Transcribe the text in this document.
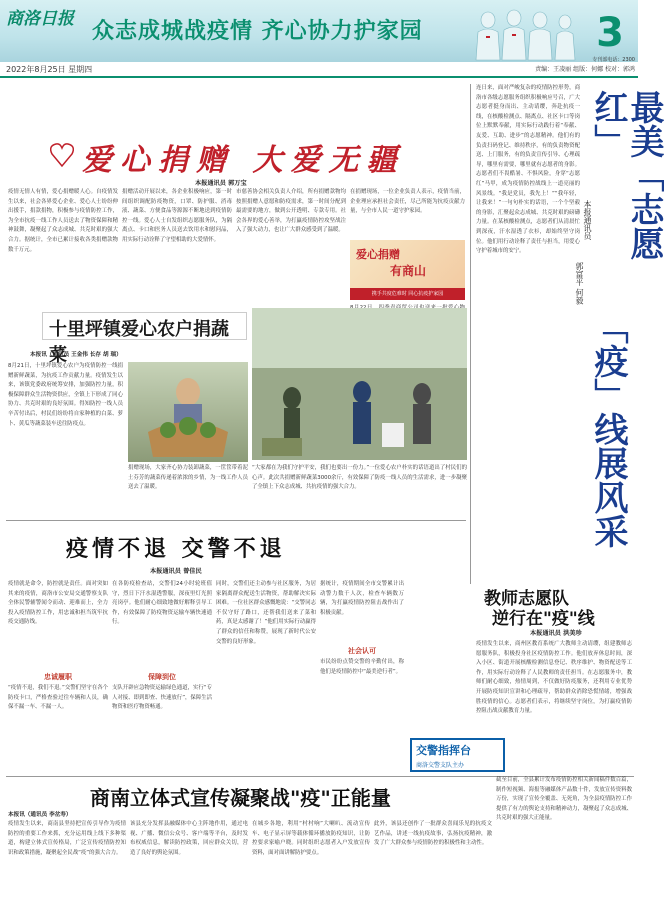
商洛日报 众志成城战疫情 齐心协力护家园	3
2022年8月25日 星期四
专刊部电话：2300
责编：王凌丽 组版：何娜 校对：郭鸿
爱心捐赠 大爱无疆
本报通讯员 郭万宝
疫情无情人有情，爱心捐赠暖人心。自疫情发生以来，社会各界爱心企业、爱心人士纷纷伸出援手，捐款捐物，积极参与疫情防控工作，为全市抗疫一线工作人员送去了物资保障和精神鼓舞，凝聚起了众志成城、共克时艰的强大合力。据统计，全市已累计接收各类捐赠款物数千万元。
捐赠活动开展以来，各企业积极响应，第一时间组织调配防疫物资，口罩、防护服、消毒液、蔬菜、方便食品等源源不断地送到疫情防控一线。爱心人士自发组织志愿服务队，为隔离点、卡口和医务人员送去饮用水和慰问品，用实际行动诠释了守望相助的大爱情怀。
市慈善协会相关负责人介绍，所有捐赠款物均按照捐赠人意愿和防疫需求，第一时间分配到最需要的地方，做到公开透明、专款专用。社会各界的爱心善举，为打赢疫情防控攻坚战注入了强大动力，也让广大群众感受到了温暖。
在捐赠现场，一位企业负责人表示，疫情当前，企业理应承担社会责任，尽己所能为抗疫贡献力量，与全市人民一道守护家园。
爱心捐赠
有商山
携手共度危难时 同心抗疫护家园
十里坪镇爱心农户捐蔬菜
本报讯（通讯员 王金伟 长存 胡 瑞）
8月21日，十里坪镇爱心农户为疫情防控一线捐赠新鲜蔬菜，为抗疫工作贡献力量。疫情发生以来，该镇党委政府统筹安排，加强防控力量，积极保障群众生活物资供应，全镇上下形成了同心协力、共克时艰的良好氛围。得知防控一线人员辛苦付出后，村民们纷纷将自家种植的白菜、萝卜、黄瓜等蔬菜装车送往防疫点。
捐赠现场，大家齐心协力装卸蔬菜，一筐筐带着泥土芬芳的蔬菜传递着浓浓的乡情，为一线工作人员送去了温暖。
“大家都在为我们守护平安，我们也要出一份力。”一位爱心农户朴实的话语道出了村民们的心声。此次共捐赠新鲜蔬菜3000余斤，有效保障了防疫一线人员的生活需求，进一步凝聚了全镇上下众志成城、共抗疫情的强大合力。
连日来，面对严峻复杂的疫情防控形势，商洛市各级志愿服务组织积极响应号召，广大志愿者挺身而出、主动请缨，奔赴抗疫一线，在核酸检测点、隔离点、社区卡口等岗位上默默奉献，用实际行动践行着“奉献、友爱、互助、进步”的志愿精神。他们有的负责扫码登记、维持秩序，有的负责物资配送、上门服务，有的负责宣传引导、心理疏导，哪里有需要，哪里就有志愿者的身影。志愿者们不畏酷暑、不惧风险，身穿“志愿红”马甲，成为疫情防控战线上一道亮丽的风景线。“我是党员，我先上！”“我年轻，让我来！”一句句朴实的话语，一个个坚毅的身影，汇聚起众志成城、共克时艰的磅礴力量。在某核酸检测点，志愿者们从清晨忙到深夜，汗水湿透了衣衫，却始终坚守岗位。他们用行动诠释了责任与担当，用爱心守护着城市的安宁。	最美「志愿红」
本报通讯员
郭富平 何毅
「疫」线展风采
疫情不退 交警不退
本报通讯员 曾佳民
疫情就是命令，防控就是责任。面对突如其来的疫情，商洛市公安局交通警察支队全体民警辅警闻令而动、迎难而上，全力投入疫情防控工作，用忠诚和担当筑牢抗疫交通防线。
忠诚履职
“疫情不退，我们不退。”交警们坚守在各个防疫卡口，严格查验过往车辆和人员，确保不漏一车、不漏一人。
在各防疫检查站，交警们24小时轮班值守，烈日下汗水湿透警服，深夜里灯光照亮岗亭。他们耐心细致地做好解释引导工作，有效保障了防疫物资运输车辆快速通行。
保障到位
支队开辟应急物资运输绿色通道，实行“专人对接、即到即查、快速放行”，保障生活物资和医疗物资畅通。
同时，交警们还主动参与社区服务，为居家隔离群众配送生活物资，帮助解决实际困难。一位社区群众感慨地说：“交警同志不仅守好了路口，还帮我们送来了菜和药，真是太感谢了！”他们用实际行动赢得了群众的信任和称赞，展现了新时代公安交警的良好形象。
据统计，疫情期间全市交警累计出动警力数千人次，检查车辆数万辆，为打赢疫情防控阻击战作出了积极贡献。
社会认可
市民纷纷点赞交警的辛勤付出，称他们是疫情防控中“最美逆行者”。
交警指挥台
商洛交警支队主办
教师志愿队
逆行在"疫"线
本报通讯员 洪美珍
疫情发生以来，商州区教育系统广大教师主动请缨，组建教师志愿服务队，积极投身社区疫情防控工作。他们放弃休息时间，深入小区、街道开展核酸检测信息登记、秩序维护、物资配送等工作，用实际行动诠释了人民教师的责任担当。在志愿服务中，教师们耐心细致，热情周到，不仅做好防疫服务，还利用专业优势开展防疫知识宣讲和心理疏导，帮助群众消除恐慌情绪，增强战胜疫情的信心。志愿者们表示，将继续坚守岗位，为打赢疫情防控阻击战贡献教育力量。
商南立体式宣传凝聚战"疫"正能量
本报讯（通讯员 李岔寿）
疫情发生以来，商南县坚持把宣传引导作为疫情防控的重要工作来抓，充分运用线上线下多种渠道，构建立体式宣传格局，广泛宣传疫情防控知识和政策措施，凝聚起全民战“疫”的强大合力。
该县充分发挥县融媒体中心主阵地作用，通过电视、广播、微信公众号、客户端等平台，及时发布权威信息，解读防控政策，回应群众关切，营造了良好的舆论氛围。
在城乡各地，利用“村村响”大喇叭、流动宣传车、电子显示屏等载体循环播放防疫知识，让防控要求家喻户晓。同时组织志愿者入户发放宣传资料，面对面讲解防护要点。
此外，该县还创作了一批群众喜闻乐见的抗疫文艺作品，讲述一线抗疫故事，弘扬抗疫精神，激发了广大群众参与疫情防控的积极性和主动性。
截至目前，全县累计发布疫情防控相关新闻稿件数百篇，制作短视频、海报等融媒体产品数十件，发放宣传资料数万份，实现了宣传全覆盖、无死角，为全县疫情防控工作提供了有力的舆论支持和精神动力，凝聚起了众志成城、共克时艰的强大正能量。
